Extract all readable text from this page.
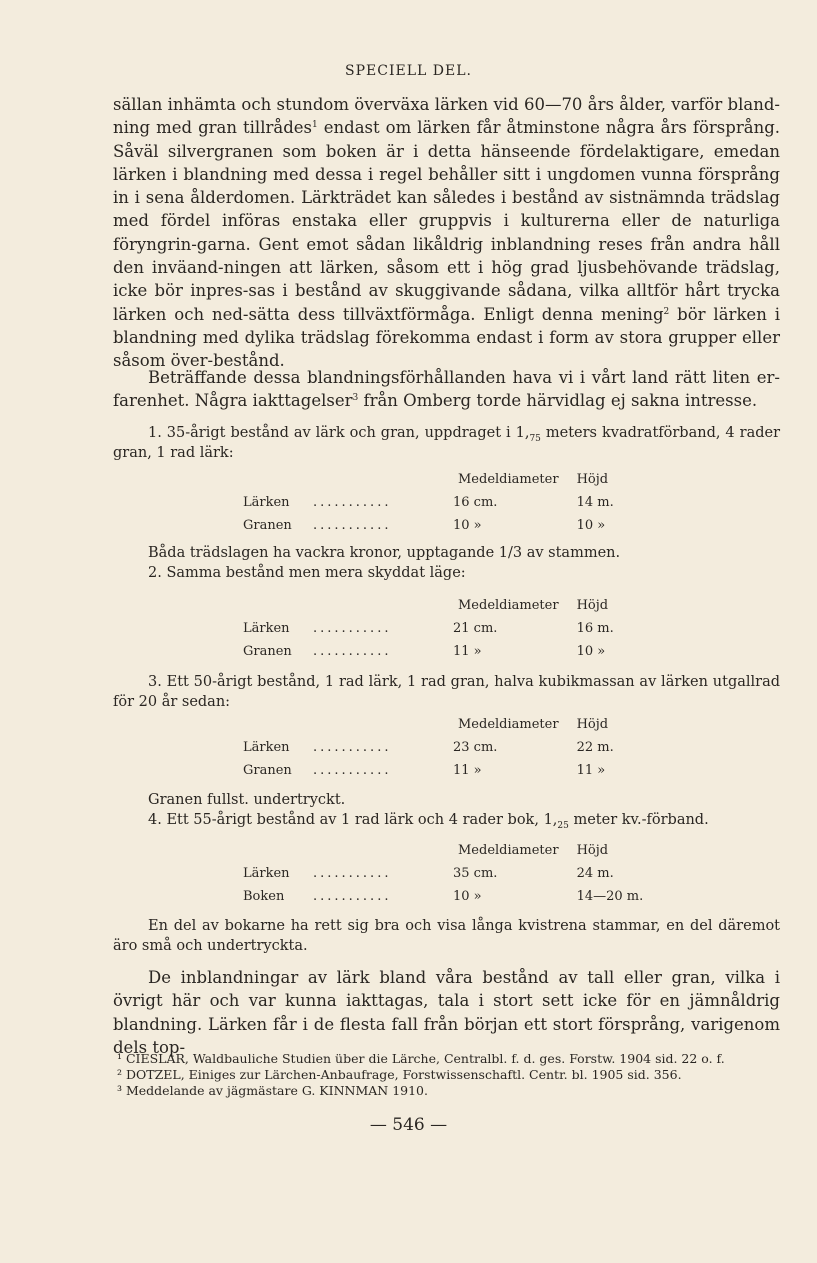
SPECIELL DEL.

sällan inhämta och stundom överväxa lärken vid 60—70 års ålder, varför bland-ning med gran tillrådes$^1$ endast om lärken får åtminstone några års försprång. Såväl silvergranen som boken är i detta hänseende fördelaktigare, emedan lärken i blandning med dessa i regel behåller sitt i ungdomen vunna försprång in i sena ålderdomen. Lärkträdet kan således i bestånd av sistnämnda trädslag med fördel införas enstaka eller gruppvis i kulturerna eller de naturliga föryngrin-garna. Gent emot sådan likåldrig inblandning reses från andra håll den inväand-ningen att lärken, såsom ett i hög grad ljusbehövande trädslag, icke bör inpres-sas i bestånd av skuggivande sådana, vilka alltför hårt trycka lärken och ned-sätta dess tillväxtförmåga. Enligt denna mening$^2$ bör lärken i blandning med dylika trädslag förekomma endast i form av stora grupper eller såsom över-bestånd.

Beträffande dessa blandningsförhållanden hava vi i vårt land rätt liten er-farenhet. Några iakttagelser$^3$ från Omberg torde härvidlag ej sakna intresse.

1. 35-årigt bestånd av lärk och gran, uppdraget i $1,_{75}$ meters kvadratförband, 4 rader gran, 1 rad lärk:

		Medeldiameter	Höjd
Lärken	...........	16 cm.	14 m.
Granen	...........	10 »	10 »

Båda trädslagen ha vackra kronor, upptagande 1/3 av stammen.

2. Samma bestånd men mera skyddat läge:

		Medeldiameter	Höjd
Lärken	...........	21 cm.	16 m.
Granen	...........	11 »	10 »

3. Ett 50-årigt bestånd, 1 rad lärk, 1 rad gran, halva kubikmassan av lärken utgallrad för 20 år sedan:

		Medeldiameter	Höjd
Lärken	...........	23 cm.	22 m.
Granen	...........	11 »	11 »

Granen fullst. undertryckt.

4. Ett 55-årigt bestånd av 1 rad lärk och 4 rader bok, $1,_{25}$ meter kv.-förband.

		Medeldiameter	Höjd
Lärken	...........	35 cm.	24 m.
Boken	...........	10 »	14—20 m.

En del av bokarne ha rett sig bra och visa långa kvistrena stammar, en del däremot äro små och undertryckta.

De inblandningar av lärk bland våra bestånd av tall eller gran, vilka i övrigt här och var kunna iakttagas, tala i stort sett icke för en jämnåldrig blandning. Lärken får i de flesta fall från början ett stort försprång, varigenom dels top-

¹ CIESLAR, Waldbauliche Studien über die Lärche, Centralbl. f. d. ges. Forstw. 1904 sid. 22 o. f.
² DOTZEL, Einiges zur Lärchen-Anbaufrage, Forstwissenschaftl. Centr. bl. 1905 sid. 356.
³ Meddelande av jägmästare G. KINNMAN 1910.
— 546 —
